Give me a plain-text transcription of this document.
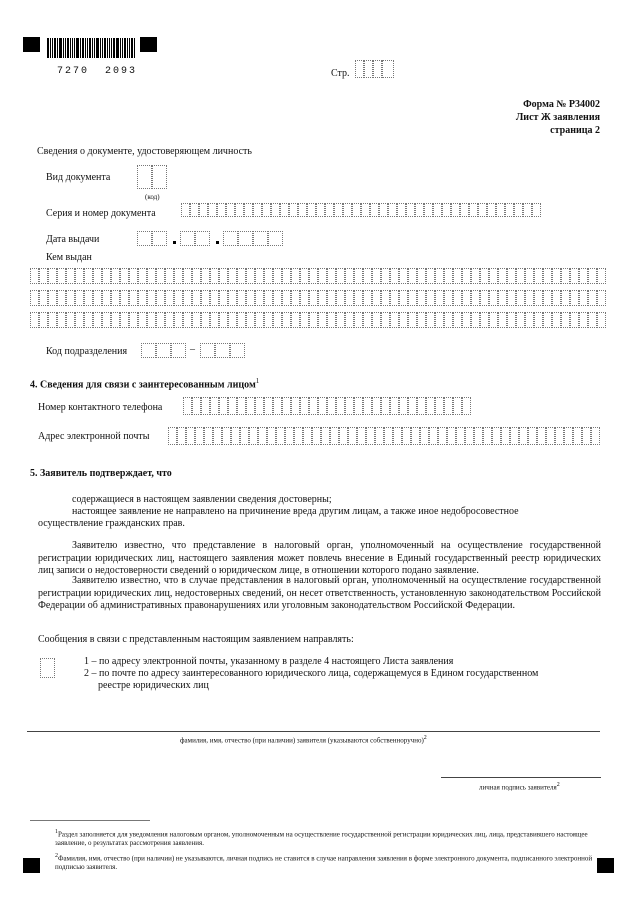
7270  2093	Стр.
Форма № Р34002
Лист Ж заявления
страница 2
Сведения о документе, удостоверяющем личность
Вид документа
(код)
Серия и номер документа
Дата выдачи
Кем выдан
Код подразделения	–
4. Сведения для связи с заинтересованным лицом$^1$
Номер контактного телефона
Адрес электронной почты
5. Заявитель подтверждает, что
содержащиеся в настоящем заявлении сведения достоверны;
настоящее заявление не направлено на причинение вреда другим лицам, а также иное недобросовестное
осуществление гражданских прав.
Заявителю известно, что представление в налоговый орган, уполномоченный на осуществление государственной регистрации юридических лиц, настоящего заявления может повлечь внесение в Единый государственный реестр юридических лиц записи о недостоверности сведений о юридическом лице, в отношении которого подано заявление.
Заявителю известно, что в случае представления в налоговый орган, уполномоченный на осуществление государственной регистрации юридических лиц, недостоверных сведений, он несет ответственность, установленную законодательством Российской Федерации об административных правонарушениях или уголовным законодательством Российской Федерации.
Сообщения в связи с представленным настоящим заявлением направлять:
1 – по адресу электронной почты, указанному в разделе 4 настоящего Листа заявления
2 – по почте по адресу заинтересованного юридического лица, содержащемуся в Едином государственном
реестре юридических лиц
фамилия, имя, отчество (при наличии) заявителя (указываются собственноручно)$^2$
личная подпись заявителя$^2$
$^1$Раздел заполняется для уведомления налоговым органом, уполномоченным на осуществление государственной регистрации юридических лиц, лица, представившего настоящее заявление, о результатах рассмотрения заявления.
$^2$Фамилия, имя, отчество (при наличии) не указываются, личная подпись не ставится в случае направления заявления в форме электронного документа, подписанного электронной подписью заявителя.
